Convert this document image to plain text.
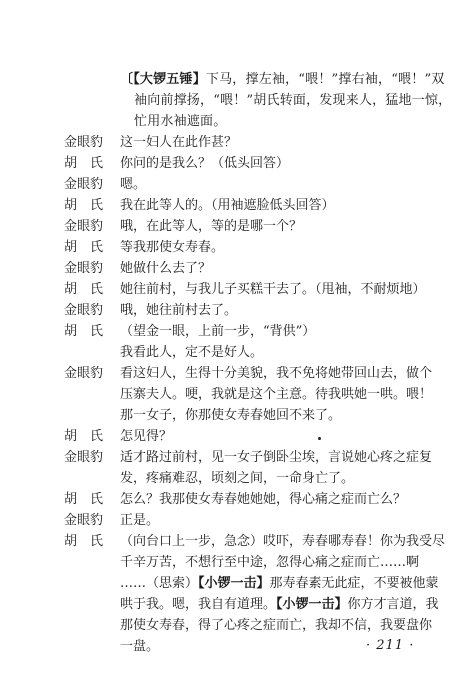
〔【大锣五锤】下马，撑左袖，“喂！”撑右袖，“喂！”双
袖向前撑扬，“喂！”胡氏转面，发现来人，猛地一惊，
忙用水袖遮面。
金眼豹	这一妇人在此作甚？
胡　氏	你问的是我么？（低头回答）
金眼豹	嗯。
胡　氏	我在此等人的。（用袖遮脸低头回答）
金眼豹	哦，在此等人，等的是哪一个？
胡　氏	等我那使女寿春。
金眼豹	她做什么去了？
胡　氏	她往前村，与我儿子买糕干去了。（甩袖，不耐烦地）
金眼豹	哦，她往前村去了。
胡　氏	（望金一眼，上前一步，“背供”）
我看此人，定不是好人。
金眼豹	看这妇人，生得十分美貌，我不免将她带回山去，做个
压寨夫人。哽，我就是这个主意。待我哄她一哄。喂！
那一女子，你那使女寿春她回不来了。
胡　氏	怎见得？
金眼豹	适才路过前村，见一女子倒卧尘埃，言说她心疼之症复
发，疼痛难忍，顷刻之间，一命身亡了。
胡　氏	怎么？我那使女寿春她她她，得心痛之症而亡么？
金眼豹	正是。
胡　氏	（向台口上一步，急念）哎吓，寿春哪寿春！你为我受尽
千辛万苦，不想行至中途，忽得心痛之症而亡……啊
……（思索）【小锣一击】那寿春素无此症，不要被他蒙
哄于我。嗯，我自有道理。【小锣一击】你方才言道，我
那使女寿春，得了心疼之症而亡，我却不信，我要盘你
一盘。	· 211 ·
